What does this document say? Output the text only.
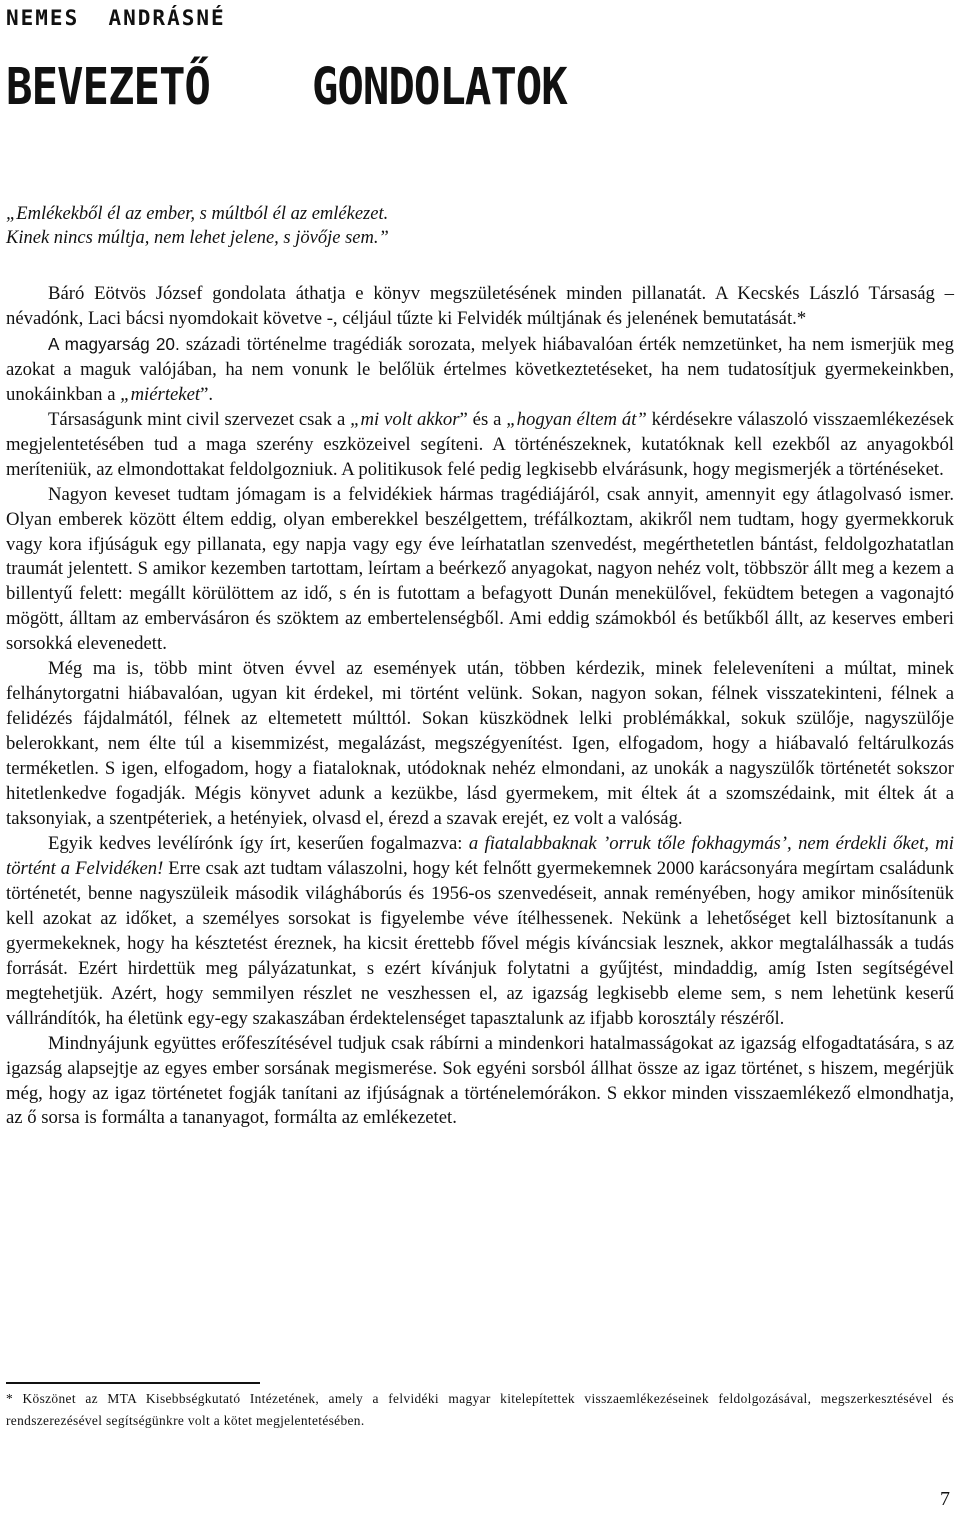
NEMES  ANDRÁSNÉ
BEVEZETŐ    GONDOLATOK
„Emlékekből él az ember, s múltból él az emlékezet.
Kinek nincs múltja, nem lehet jelene, s jövője sem.”

Báró Eötvös József gondolata áthatja e könyv megszületésének minden pillanatát. A Kecskés László Társaság – névadónk, Laci bácsi nyomdokait követve -, céljául tűzte ki Felvidék múltjának és jelenének bemutatását.*

A magyarság 20. századi történelme tragédiák sorozata, melyek hiábavalóan érték nemzetünket, ha nem ismerjük meg azokat a maguk valójában, ha nem vonunk le belőlük értelmes következtetéseket, ha nem tudatosítjuk gyermekeinkben, unokáinkban a „miérteket”.

Társaságunk mint civil szervezet csak a „mi volt akkor” és a „hogyan éltem át” kérdésekre válaszoló visszaemlékezések megjelentetésében tud a maga szerény eszközeivel segíteni. A történészeknek, kutatóknak kell ezekből az anyagokból meríteniük, az elmondottakat feldolgozniuk. A politikusok felé pedig legkisebb elvárásunk, hogy megismerjék a történéseket.

Nagyon keveset tudtam jómagam is a felvidékiek hármas tragédiájáról, csak annyit, amennyit egy átlagolvasó ismer. Olyan emberek között éltem eddig, olyan emberekkel beszélgettem, tréfálkoztam, akikről nem tudtam, hogy gyermekkoruk vagy kora ifjúságuk egy pillanata, egy napja vagy egy éve leírhatatlan szenvedést, megérthetetlen bántást, feldolgozhatatlan traumát jelentett. S amikor kezemben tartottam, leírtam a beérkező anyagokat, nagyon nehéz volt, többször állt meg a kezem a billentyű felett: megállt körülöttem az idő, s én is futottam a befagyott Dunán menekülővel, feküdtem betegen a vagonajtó mögött, álltam az embervásáron és szöktem az embertelenségből. Ami eddig számokból és betűkből állt, az keserves emberi sorsokká elevenedett.

Még ma is, több mint ötven évvel az események után, többen kérdezik, minek feleleveníteni a múltat, minek felhánytorgatni hiábavalóan, ugyan kit érdekel, mi történt velünk. Sokan, nagyon sokan, félnek visszatekinteni, félnek a felidézés fájdalmától, félnek az eltemetett múlttól. Sokan küszködnek lelki problémákkal, sokuk szülője, nagyszülője belerokkant, nem élte túl a kisemmizést, megalázást, megszégyenítést. Igen, elfogadom, hogy a hiábavaló feltárulkozás terméketlen. S igen, elfogadom, hogy a fiataloknak, utódoknak nehéz elmondani, az unokák a nagyszülők történetét sokszor hitetlenkedve fogadják. Mégis könyvet adunk a kezükbe, lásd gyermekem, mit éltek át a szomszédaink, mit éltek át a taksonyiak, a szentpéteriek, a hetényiek, olvasd el, érezd a szavak erejét, ez volt a valóság.

Egyik kedves levélírónk így írt, keserűen fogalmazva: a fiatalabbaknak ’orruk tőle fokhagymás’, nem érdekli őket, mi történt a Felvidéken! Erre csak azt tudtam válaszolni, hogy két felnőtt gyermekemnek 2000 karácsonyára megírtam családunk történetét, benne nagyszüleik második világháborús és 1956-os szenvedéseit, annak reményében, hogy amikor minősítenük kell azokat az időket, a személyes sorsokat is figyelembe véve ítélhessenek. Nekünk a lehetőséget kell biztosítanunk a gyermekeknek, hogy ha késztetést éreznek, ha kicsit érettebb fővel mégis kíváncsiak lesznek, akkor megtalálhassák a tudás forrását. Ezért hirdettük meg pályázatunkat, s ezért kívánjuk folytatni a gyűjtést, mindaddig, amíg Isten segítségével megtehetjük. Azért, hogy semmilyen részlet ne veszhessen el, az igazság legkisebb eleme sem, s nem lehetünk keserű vállrándítók, ha életünk egy-egy szakaszában érdektelenséget tapasztalunk az ifjabb korosztály részéről.

Mindnyájunk együttes erőfeszítésével tudjuk csak rábírni a mindenkori hatalmasságokat az igazság elfogadtatására, s az igazság alapsejtje az egyes ember sorsának megismerése. Sok egyéni sorsból állhat össze az igaz történet, s hiszem, megérjük még, hogy az igaz történetet fogják tanítani az ifjúságnak a történelemórákon. S ekkor minden visszaemlékező elmondhatja, az ő sorsa is formálta a tananyagot, formálta az emlékezetet.

* Köszönet az MTA Kisebbségkutató Intézetének, amely a felvidéki magyar kitelepítettek visszaemlékezéseinek feldolgozásával, megszerkesztésével és rendszerezésével segítségünkre volt a kötet megjelentetésében.
7
